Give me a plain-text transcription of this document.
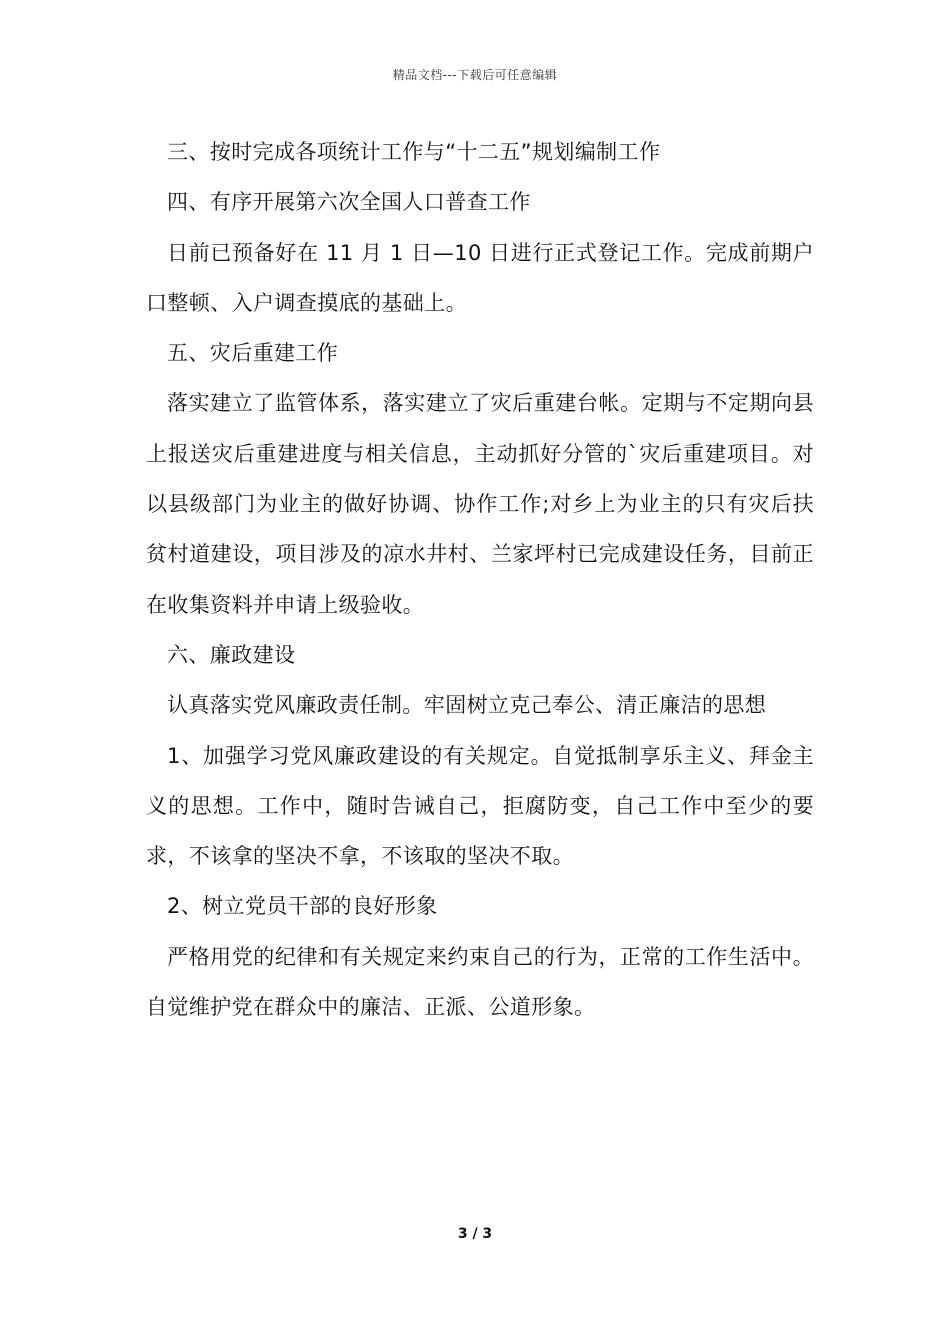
精品文档---下载后可任意编辑

三、按时完成各项统计工作与“十二五”规划编制工作

四、有序开展第六次全国人口普查工作

日前已预备好在 11 月 1 日—10 日进行正式登记工作。完成前期户口整顿、入户调查摸底的基础上。

五、灾后重建工作

落实建立了监管体系，落实建立了灾后重建台帐。定期与不定期向县上报送灾后重建进度与相关信息，主动抓好分管的`灾后重建项目。对以县级部门为业主的做好协调、协作工作;对乡上为业主的只有灾后扶贫村道建设，项目涉及的凉水井村、兰家坪村已完成建设任务，目前正在收集资料并申请上级验收。

六、廉政建设

认真落实党风廉政责任制。牢固树立克己奉公、清正廉洁的思想

1、加强学习党风廉政建设的有关规定。自觉抵制享乐主义、拜金主义的思想。工作中，随时告诫自己，拒腐防变，自己工作中至少的要求，不该拿的坚决不拿，不该取的坚决不取。

2、树立党员干部的良好形象

严格用党的纪律和有关规定来约束自己的行为，正常的工作生活中。自觉维护党在群众中的廉洁、正派、公道形象。

3 / 3
